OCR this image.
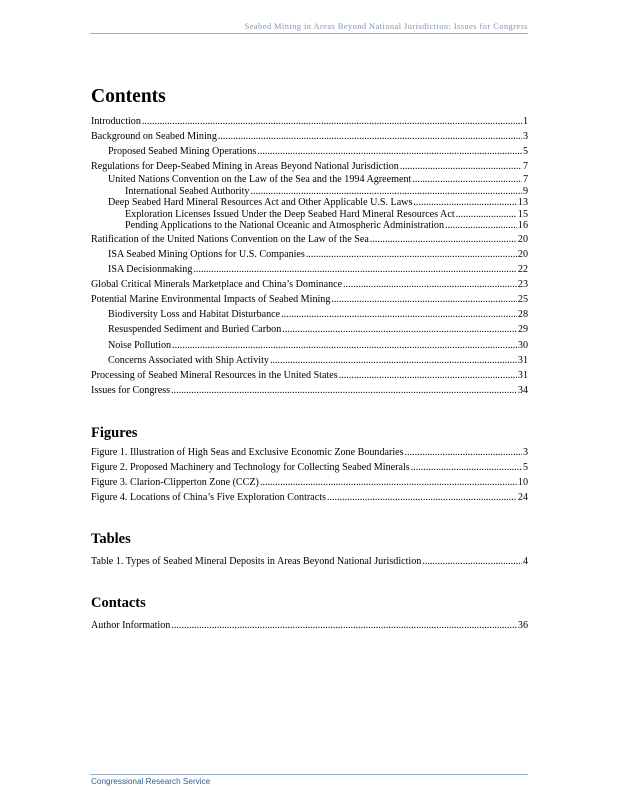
Seabed Mining in Areas Beyond National Jurisdiction: Issues for Congress
Contents
Introduction .....	1
Background on Seabed Mining .....	3
Proposed Seabed Mining Operations .....	5
Regulations for Deep-Seabed Mining in Areas Beyond National Jurisdiction .....	7
United Nations Convention on the Law of the Sea and the 1994 Agreement .....	7
International Seabed Authority .....	9
Deep Seabed Hard Mineral Resources Act and Other Applicable U.S. Laws .....	13
Exploration Licenses Issued Under the Deep Seabed Hard Mineral Resources Act .....	15
Pending Applications to the National Oceanic and Atmospheric Administration .....	16
Ratification of the United Nations Convention on the Law of the Sea .....	20
ISA Seabed Mining Options for U.S. Companies .....	20
ISA Decisionmaking .....	22
Global Critical Minerals Marketplace and China’s Dominance .....	23
Potential Marine Environmental Impacts of Seabed Mining .....	25
Biodiversity Loss and Habitat Disturbance .....	28
Resuspended Sediment and Buried Carbon .....	29
Noise Pollution .....	30
Concerns Associated with Ship Activity .....	31
Processing of Seabed Mineral Resources in the United States .....	31
Issues for Congress .....	34
Figures
Figure 1. Illustration of High Seas and Exclusive Economic Zone Boundaries .....	3
Figure 2. Proposed Machinery and Technology for Collecting Seabed Minerals .....	5
Figure 3. Clarion-Clipperton Zone (CCZ) .....	10
Figure 4. Locations of China’s Five Exploration Contracts .....	24
Tables
Table 1. Types of Seabed Mineral Deposits in Areas Beyond National Jurisdiction .....	4
Contacts
Author Information .....	36
Congressional Research Service
